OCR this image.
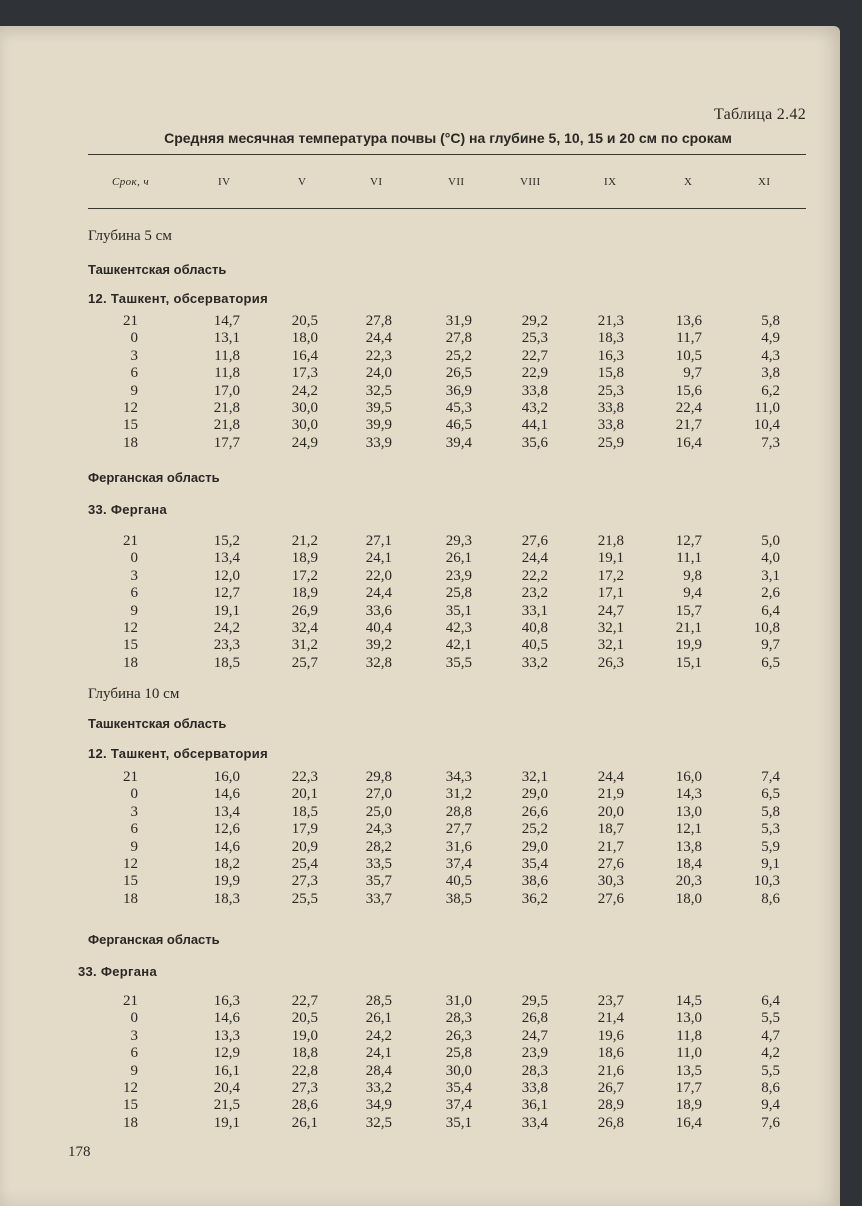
Таблица 2.42
Средняя месячная температура почвы (°С) на глубине 5, 10, 15 и 20 см по срокам
Срок, ч	IV	V	VI	VII	VIII	IX	X	XI
Глубина 5 см
Ташкентская область
12. Ташкент, обсерватория
21	14,7	20,5	27,8	31,9	29,2	21,3	13,6	5,8
0	13,1	18,0	24,4	27,8	25,3	18,3	11,7	4,9
3	11,8	16,4	22,3	25,2	22,7	16,3	10,5	4,3
6	11,8	17,3	24,0	26,5	22,9	15,8	9,7	3,8
9	17,0	24,2	32,5	36,9	33,8	25,3	15,6	6,2
12	21,8	30,0	39,5	45,3	43,2	33,8	22,4	11,0
15	21,8	30,0	39,9	46,5	44,1	33,8	21,7	10,4
18	17,7	24,9	33,9	39,4	35,6	25,9	16,4	7,3
Ферганская область
33. Фергана
21	15,2	21,2	27,1	29,3	27,6	21,8	12,7	5,0
0	13,4	18,9	24,1	26,1	24,4	19,1	11,1	4,0
3	12,0	17,2	22,0	23,9	22,2	17,2	9,8	3,1
6	12,7	18,9	24,4	25,8	23,2	17,1	9,4	2,6
9	19,1	26,9	33,6	35,1	33,1	24,7	15,7	6,4
12	24,2	32,4	40,4	42,3	40,8	32,1	21,1	10,8
15	23,3	31,2	39,2	42,1	40,5	32,1	19,9	9,7
18	18,5	25,7	32,8	35,5	33,2	26,3	15,1	6,5
Глубина 10 см
Ташкентская область
12. Ташкент, обсерватория
21	16,0	22,3	29,8	34,3	32,1	24,4	16,0	7,4
0	14,6	20,1	27,0	31,2	29,0	21,9	14,3	6,5
3	13,4	18,5	25,0	28,8	26,6	20,0	13,0	5,8
6	12,6	17,9	24,3	27,7	25,2	18,7	12,1	5,3
9	14,6	20,9	28,2	31,6	29,0	21,7	13,8	5,9
12	18,2	25,4	33,5	37,4	35,4	27,6	18,4	9,1
15	19,9	27,3	35,7	40,5	38,6	30,3	20,3	10,3
18	18,3	25,5	33,7	38,5	36,2	27,6	18,0	8,6
Ферганская область
33. Фергана
21	16,3	22,7	28,5	31,0	29,5	23,7	14,5	6,4
0	14,6	20,5	26,1	28,3	26,8	21,4	13,0	5,5
3	13,3	19,0	24,2	26,3	24,7	19,6	11,8	4,7
6	12,9	18,8	24,1	25,8	23,9	18,6	11,0	4,2
9	16,1	22,8	28,4	30,0	28,3	21,6	13,5	5,5
12	20,4	27,3	33,2	35,4	33,8	26,7	17,7	8,6
15	21,5	28,6	34,9	37,4	36,1	28,9	18,9	9,4
18	19,1	26,1	32,5	35,1	33,4	26,8	16,4	7,6
178
